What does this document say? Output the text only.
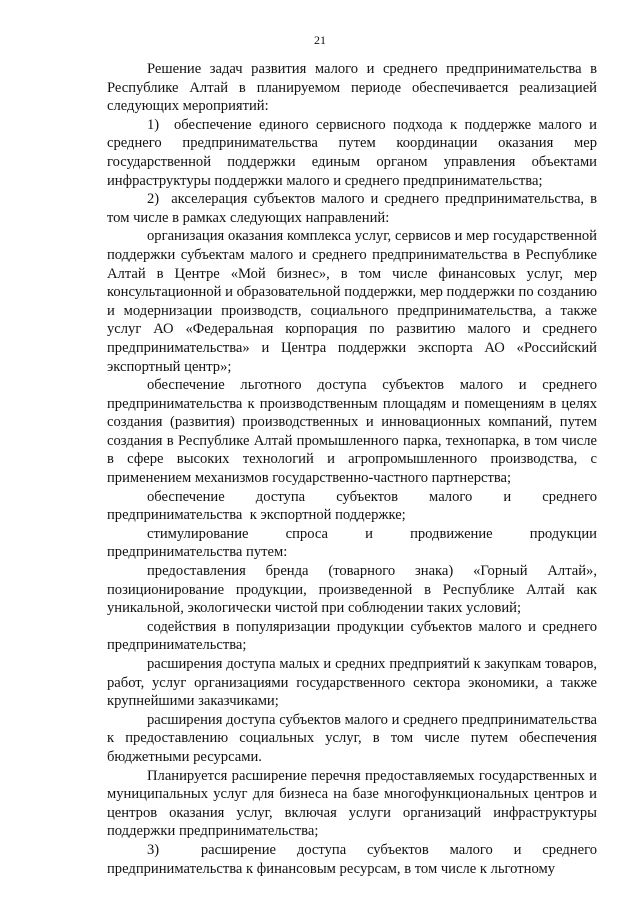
21

Решение задач развития малого и среднего предпринимательства в Республике Алтай в планируемом периоде обеспечивается реализацией следующих мероприятий:

1)  обеспечение единого сервисного подхода к поддержке малого и среднего предпринимательства путем координации оказания мер государственной поддержки единым органом управления объектами инфраструктуры поддержки малого и среднего предпринимательства;

2)  акселерация субъектов малого и среднего предпринимательства, в том числе в рамках следующих направлений:

организация оказания комплекса услуг, сервисов и мер государственной поддержки субъектам малого и среднего предпринимательства в Республике Алтай в Центре «Мой бизнес», в том числе финансовых услуг, мер консультационной и образовательной поддержки, мер поддержки по созданию и модернизации производств, социального предпринимательства, а также услуг АО «Федеральная корпорация по развитию малого и среднего предпринимательства» и Центра поддержки экспорта АО «Российский экспортный центр»;

обеспечение льготного доступа субъектов малого и среднего предпринимательства к производственным площадям и помещениям в целях создания (развития) производственных и инновационных компаний, путем создания в Республике Алтай промышленного парка, технопарка, в том числе в сфере высоких технологий и агропромышленного производства, с применением механизмов государственно-частного партнерства;

обеспечение доступа субъектов малого и среднего предпринимательства  к экспортной поддержке;

стимулирование спроса и продвижение продукции предпринимательства путем:

предоставления бренда (товарного знака) «Горный Алтай», позиционирование продукции, произведенной в Республике Алтай как уникальной, экологически чистой при соблюдении таких условий;

содействия в популяризации продукции субъектов малого и среднего предпринимательства;

расширения доступа малых и средних предприятий к закупкам товаров, работ, услуг организациями государственного сектора экономики, а также крупнейшими заказчиками;

расширения доступа субъектов малого и среднего предпринимательства к предоставлению социальных услуг, в том числе путем обеспечения бюджетными ресурсами.

Планируется расширение перечня предоставляемых государственных и муниципальных услуг для бизнеса на базе многофункциональных центров и центров оказания услуг, включая услуги организаций инфраструктуры поддержки предпринимательства;

3)  расширение доступа субъектов малого и среднего предпринимательства к финансовым ресурсам, в том числе к льготному
